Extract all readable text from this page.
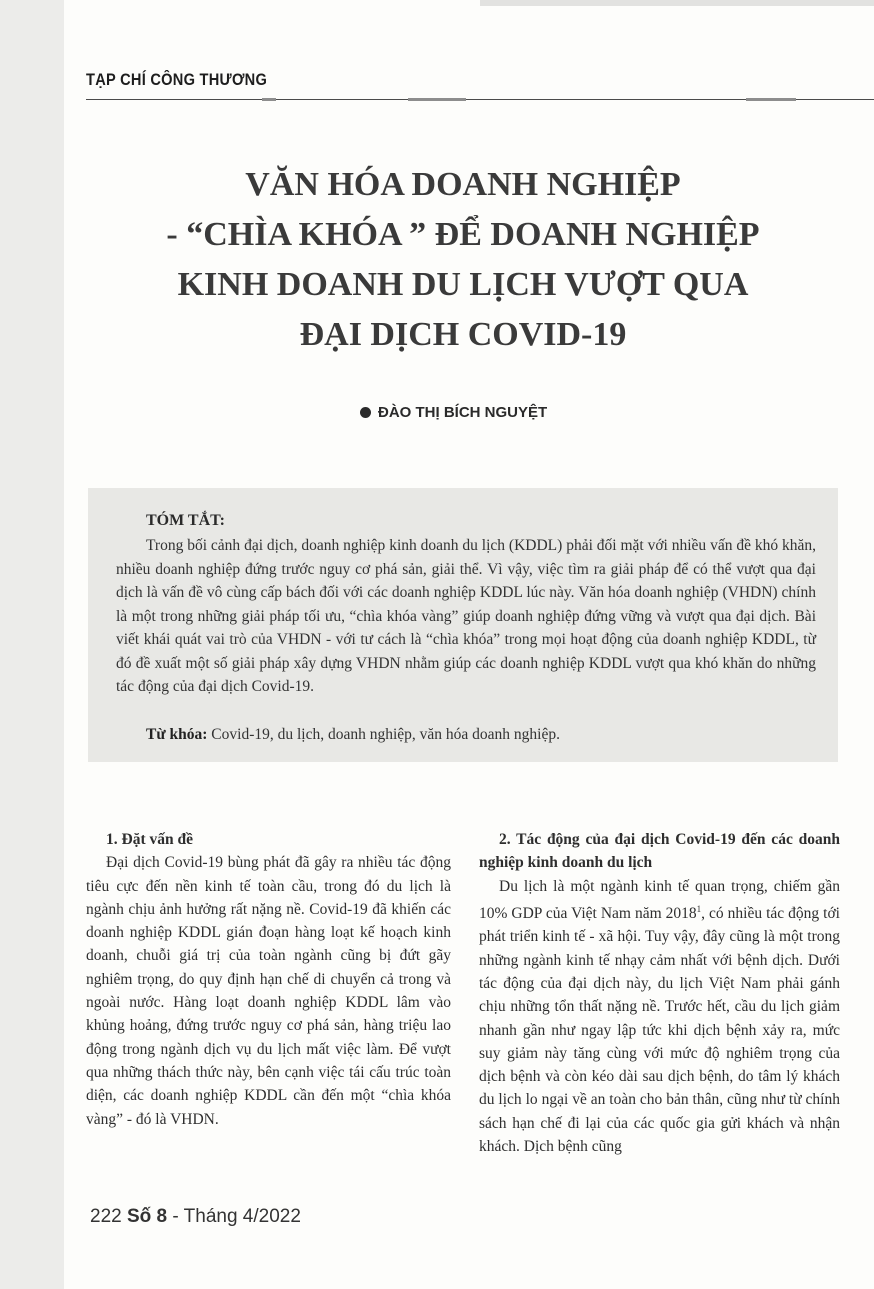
TẠP CHÍ CÔNG THƯƠNG
VĂN HÓA DOANH NGHIỆP
- “CHÌA KHÓA ” ĐỂ DOANH NGHIỆP
KINH DOANH DU LỊCH VƯỢT QUA
ĐẠI DỊCH COVID-19
ĐÀO THỊ BÍCH NGUYỆT
TÓM TẮT:

Trong bối cảnh đại dịch, doanh nghiệp kinh doanh du lịch (KDDL) phải đối mặt với nhiều vấn đề khó khăn, nhiều doanh nghiệp đứng trước nguy cơ phá sản, giải thể. Vì vậy, việc tìm ra giải pháp để có thể vượt qua đại dịch là vấn đề vô cùng cấp bách đối với các doanh nghiệp KDDL lúc này. Văn hóa doanh nghiệp (VHDN) chính là một trong những giải pháp tối ưu, “chìa khóa vàng” giúp doanh nghiệp đứng vững và vượt qua đại dịch. Bài viết khái quát vai trò của VHDN - với tư cách là “chìa khóa” trong mọi hoạt động của doanh nghiệp KDDL, từ đó đề xuất một số giải pháp xây dựng VHDN nhằm giúp các doanh nghiệp KDDL vượt qua khó khăn do những tác động của đại dịch Covid-19.

Từ khóa: Covid-19, du lịch, doanh nghiệp, văn hóa doanh nghiệp.

1. Đặt vấn đề

Đại dịch Covid-19 bùng phát đã gây ra nhiều tác động tiêu cực đến nền kinh tế toàn cầu, trong đó du lịch là ngành chịu ảnh hưởng rất nặng nề. Covid-19 đã khiến các doanh nghiệp KDDL gián đoạn hàng loạt kế hoạch kinh doanh, chuỗi giá trị của toàn ngành cũng bị đứt gãy nghiêm trọng, do quy định hạn chế di chuyển cả trong và ngoài nước. Hàng loạt doanh nghiệp KDDL lâm vào khủng hoảng, đứng trước nguy cơ phá sản, hàng triệu lao động trong ngành dịch vụ du lịch mất việc làm. Để vượt qua những thách thức này, bên cạnh việc tái cấu trúc toàn diện, các doanh nghiệp KDDL cần đến một “chìa khóa vàng” - đó là VHDN.

2. Tác động của đại dịch Covid-19 đến các doanh nghiệp kinh doanh du lịch

Du lịch là một ngành kinh tế quan trọng, chiếm gần 10% GDP của Việt Nam năm 2018$^1$, có nhiều tác động tới phát triển kinh tế - xã hội. Tuy vậy, đây cũng là một trong những ngành kinh tế nhạy cảm nhất với bệnh dịch. Dưới tác động của đại dịch này, du lịch Việt Nam phải gánh chịu những tổn thất nặng nề. Trước hết, cầu du lịch giảm nhanh gần như ngay lập tức khi dịch bệnh xảy ra, mức suy giảm này tăng cùng với mức độ nghiêm trọng của dịch bệnh và còn kéo dài sau dịch bệnh, do tâm lý khách du lịch lo ngại về an toàn cho bản thân, cũng như từ chính sách hạn chế đi lại của các quốc gia gửi khách và nhận khách. Dịch bệnh cũng

222 Số 8 - Tháng 4/2022
